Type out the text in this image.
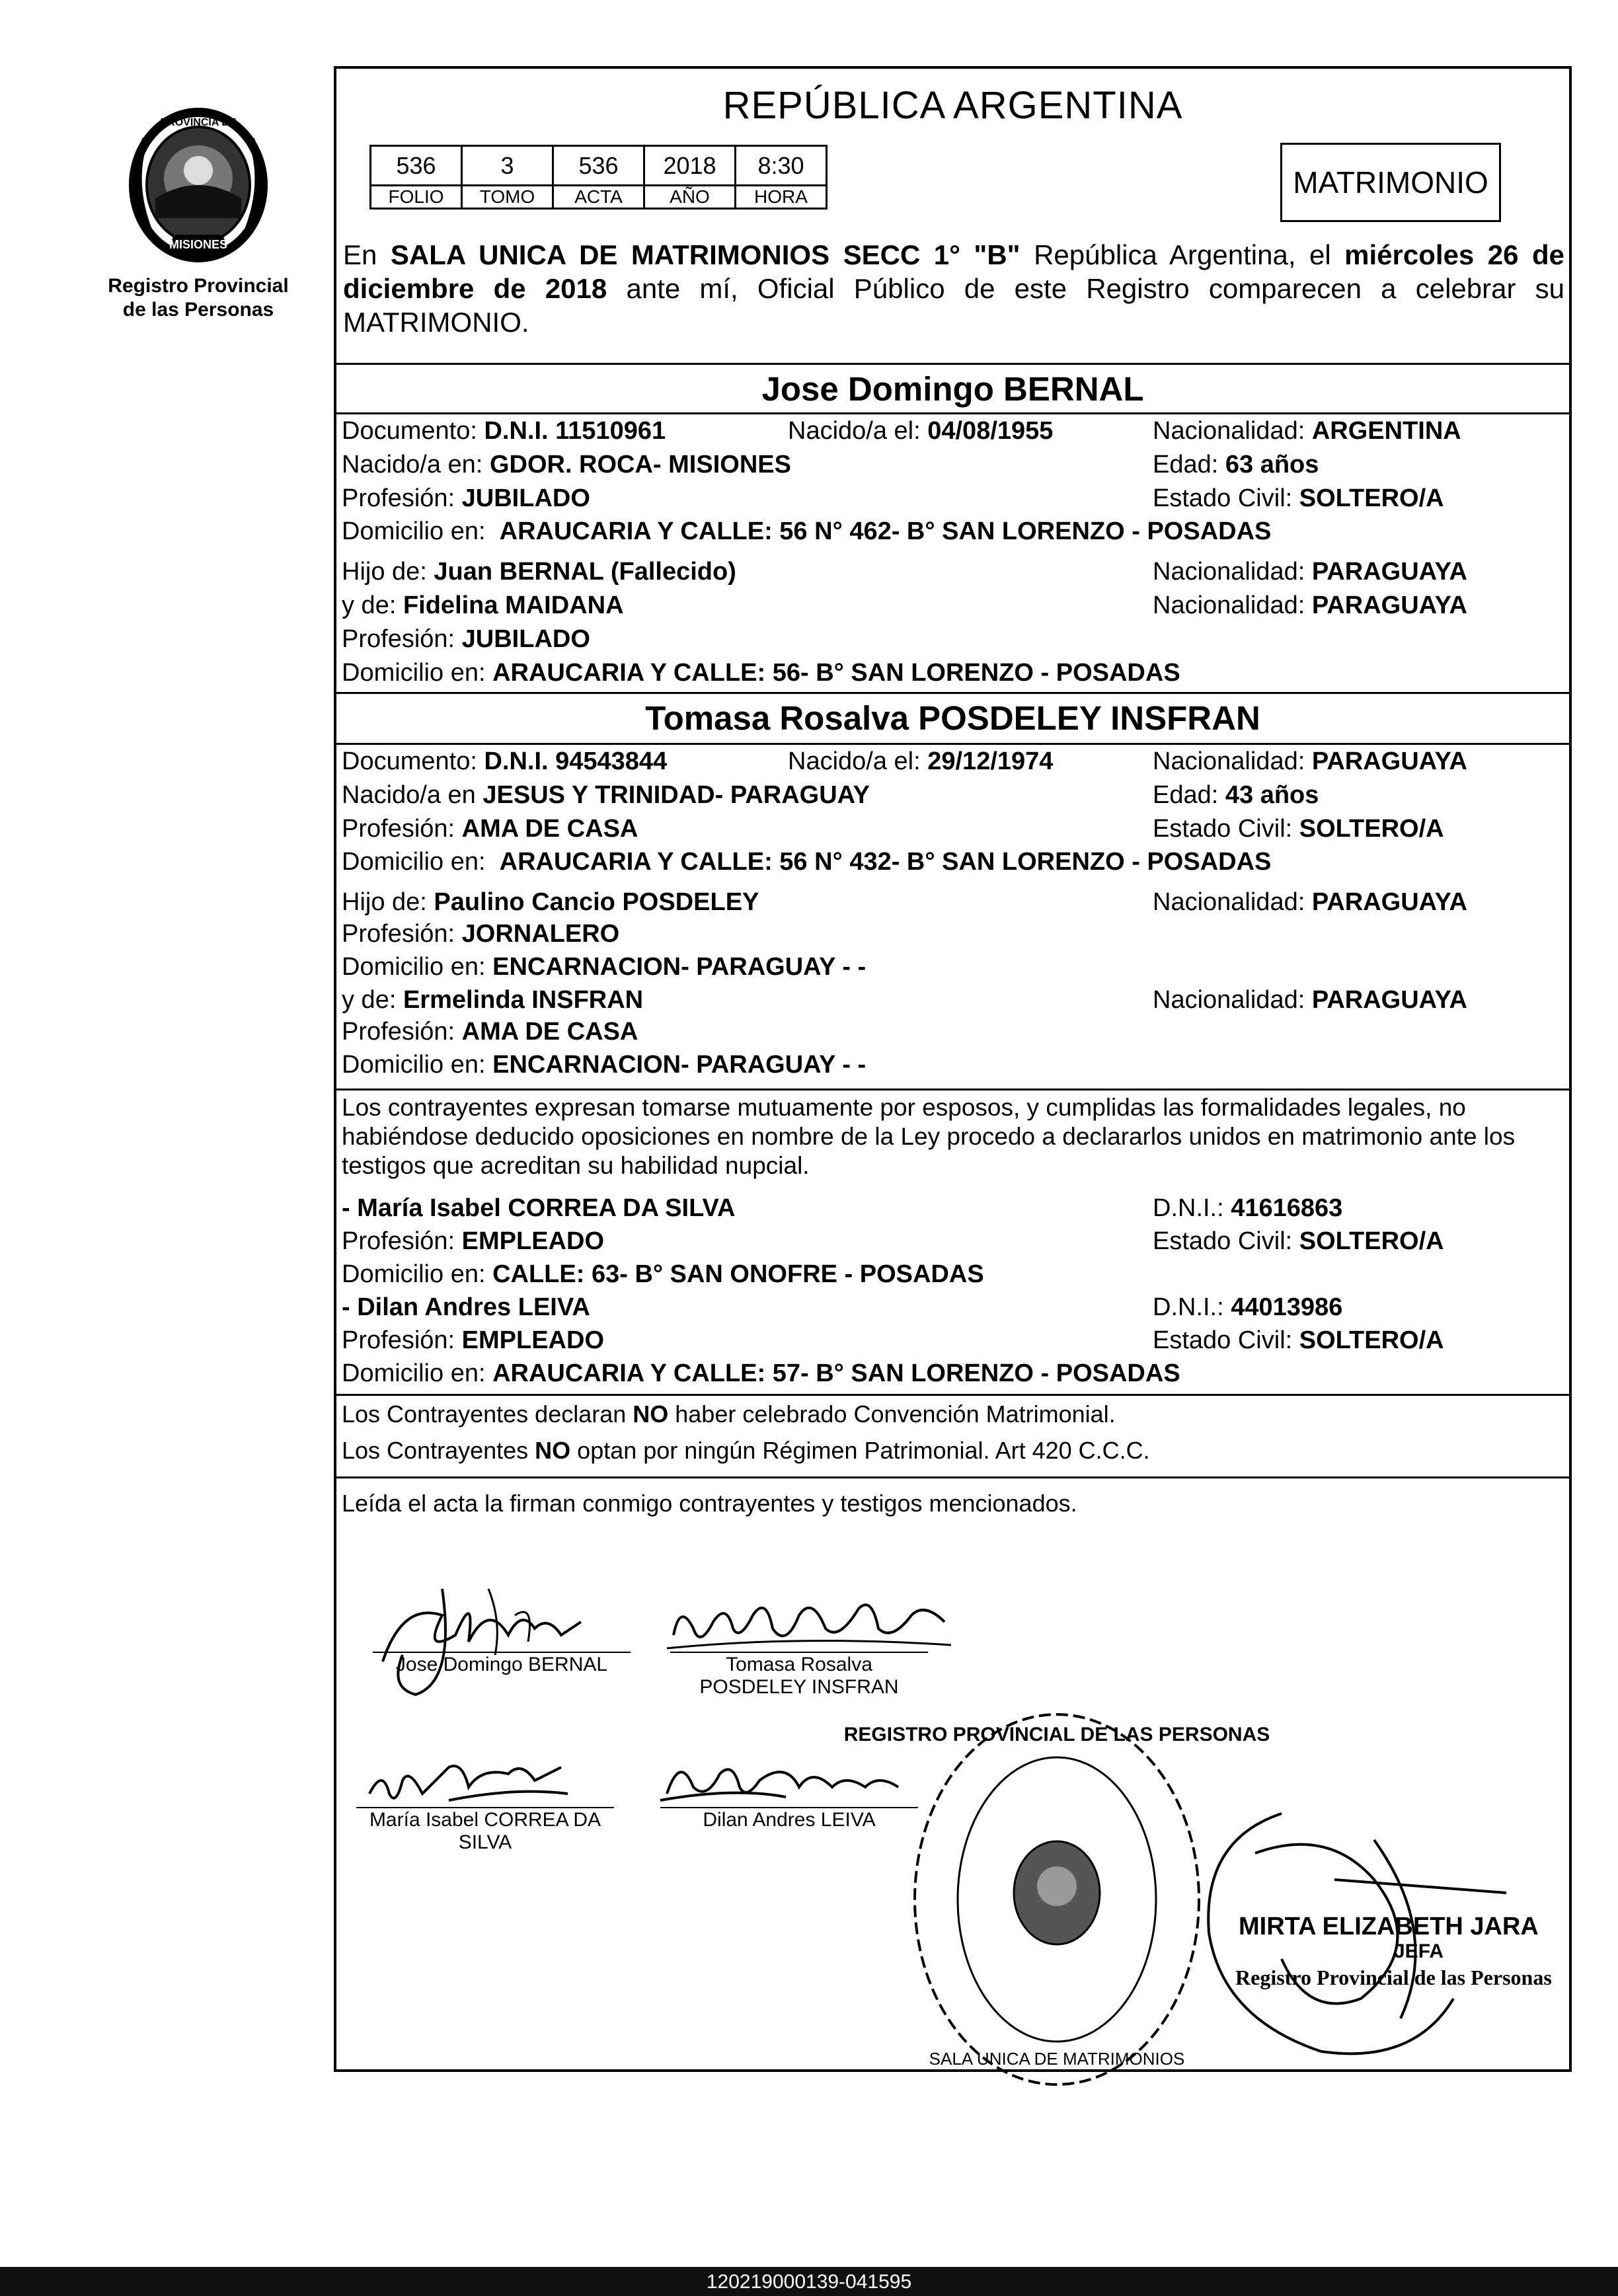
MISIONES
PROVINCIA DE
Registro Provincial
de las Personas
REPÚBLICA ARGENTINA
536	3	536	2018	8:30
FOLIO	TOMO	ACTA	AÑO	HORA	MATRIMONIO
En SALA UNICA DE MATRIMONIOS SECC 1° "B" República Argentina, el miércoles 26 de diciembre de 2018 ante mí, Oficial Público de este Registro comparecen a celebrar su MATRIMONIO.
Jose Domingo BERNAL
Documento: D.N.I. 11510961	Nacido/a el: 04/08/1955	Nacionalidad: ARGENTINA
Nacido/a en: GDOR. ROCA- MISIONES	Edad: 63 años
Profesión: JUBILADO	Estado Civil: SOLTERO/A
Domicilio en: ARAUCARIA Y CALLE: 56 N° 462- B° SAN LORENZO - POSADAS
Hijo de: Juan BERNAL (Fallecido)	Nacionalidad: PARAGUAYA
y de: Fidelina MAIDANA	Nacionalidad: PARAGUAYA
Profesión: JUBILADO
Domicilio en: ARAUCARIA Y CALLE: 56- B° SAN LORENZO - POSADAS
Tomasa Rosalva POSDELEY INSFRAN
Documento: D.N.I. 94543844	Nacido/a el: 29/12/1974	Nacionalidad: PARAGUAYA
Nacido/a en JESUS Y TRINIDAD- PARAGUAY	Edad: 43 años
Profesión: AMA DE CASA	Estado Civil: SOLTERO/A
Domicilio en: ARAUCARIA Y CALLE: 56 N° 432- B° SAN LORENZO - POSADAS
Hijo de: Paulino Cancio POSDELEY	Nacionalidad: PARAGUAYA
Profesión: JORNALERO
Domicilio en: ENCARNACION- PARAGUAY - -
y de: Ermelinda INSFRAN	Nacionalidad: PARAGUAYA
Profesión: AMA DE CASA
Domicilio en: ENCARNACION- PARAGUAY - -
Los contrayentes expresan tomarse mutuamente por esposos, y cumplidas las formalidades legales, no habiéndose deducido oposiciones en nombre de la Ley procedo a declararlos unidos en matrimonio ante los testigos que acreditan su habilidad nupcial.
- María Isabel CORREA DA SILVA	D.N.I.: 41616863
Profesión: EMPLEADO	Estado Civil: SOLTERO/A
Domicilio en: CALLE: 63- B° SAN ONOFRE - POSADAS
- Dilan Andres LEIVA	D.N.I.: 44013986
Profesión: EMPLEADO	Estado Civil: SOLTERO/A
Domicilio en: ARAUCARIA Y CALLE: 57- B° SAN LORENZO - POSADAS
Los Contrayentes declaran NO haber celebrado Convención Matrimonial.
Los Contrayentes NO optan por ningún Régimen Patrimonial. Art 420 C.C.C.
Leída el acta la firman conmigo contrayentes y testigos mencionados.
Jose Domingo BERNAL	Tomasa Rosalva
POSDELEY INSFRAN
María Isabel CORREA DA
SILVA
Dilan Andres LEIVA
REGISTRO PROVINCIAL DE LAS PERSONAS
SALA UNICA DE MATRIMONIOS
MIRTA ELIZABETH JARA
JEFA
Registro Provincial de las Personas
120219000139-041595
